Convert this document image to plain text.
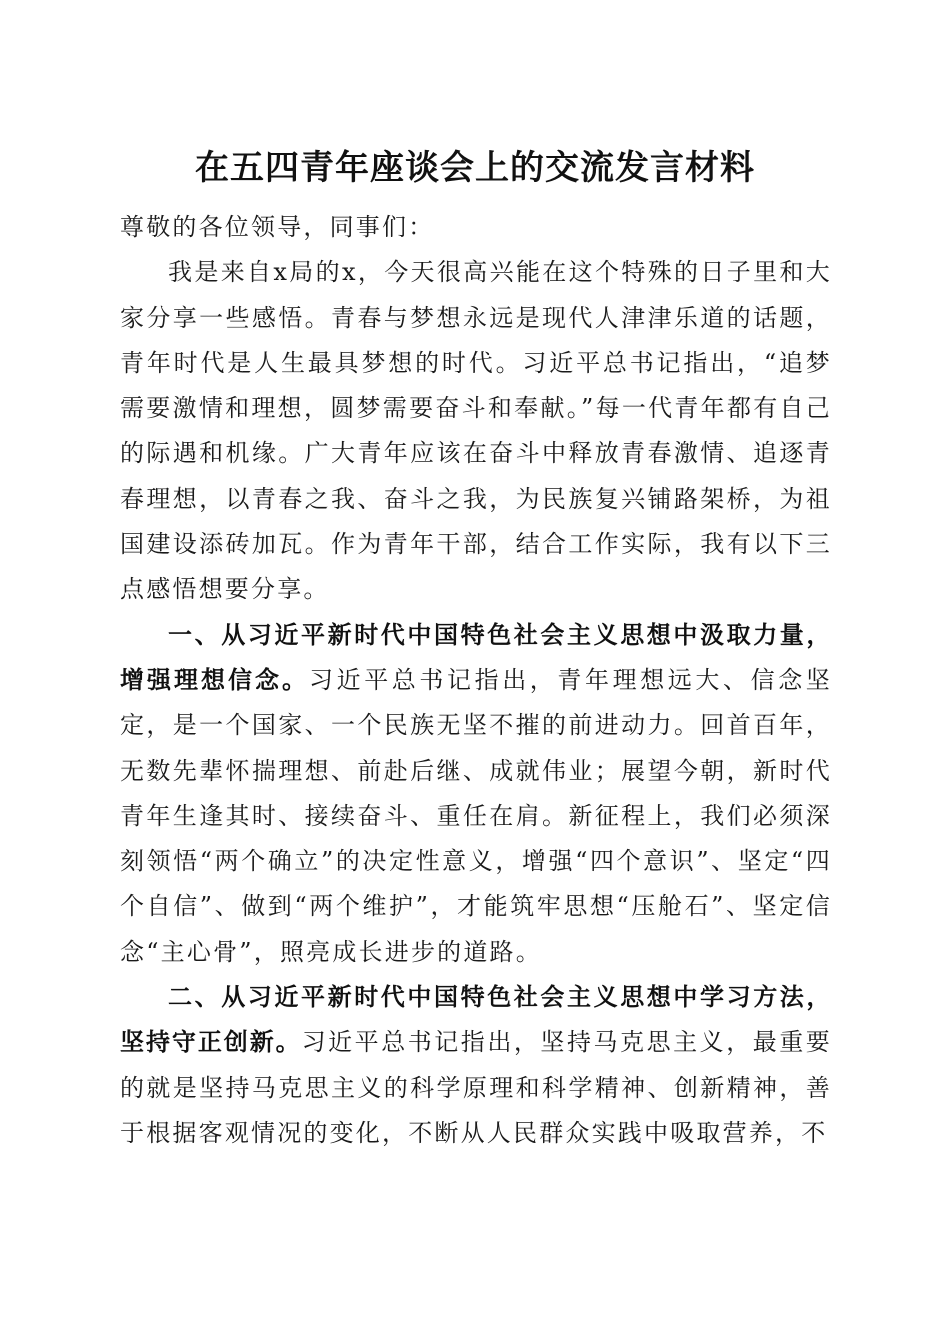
在五四青年座谈会上的交流发言材料

尊敬的各位领导，同事们：

我是来自x局的x，今天很高兴能在这个特殊的日子里和大家分享一些感悟。青春与梦想永远是现代人津津乐道的话题，青年时代是人生最具梦想的时代。习近平总书记指出，“追梦需要激情和理想，圆梦需要奋斗和奉献。”每一代青年都有自己的际遇和机缘。广大青年应该在奋斗中释放青春激情、追逐青春理想，以青春之我、奋斗之我，为民族复兴铺路架桥，为祖国建设添砖加瓦。作为青年干部，结合工作实际，我有以下三点感悟想要分享。

一、从习近平新时代中国特色社会主义思想中汲取力量，增强理想信念。习近平总书记指出，青年理想远大、信念坚定，是一个国家、一个民族无坚不摧的前进动力。回首百年，无数先辈怀揣理想、前赴后继、成就伟业；展望今朝，新时代青年生逢其时、接续奋斗、重任在肩。新征程上，我们必须深刻领悟“两个确立”的决定性意义，增强“四个意识”、坚定“四个自信”、做到“两个维护”，才能筑牢思想“压舱石”、坚定信念“主心骨”，照亮成长进步的道路。

二、从习近平新时代中国特色社会主义思想中学习方法，坚持守正创新。习近平总书记指出，坚持马克思主义，最重要的就是坚持马克思主义的科学原理和科学精神、创新精神，善于根据客观情况的变化，不断从人民群众实践中吸取营养，不
